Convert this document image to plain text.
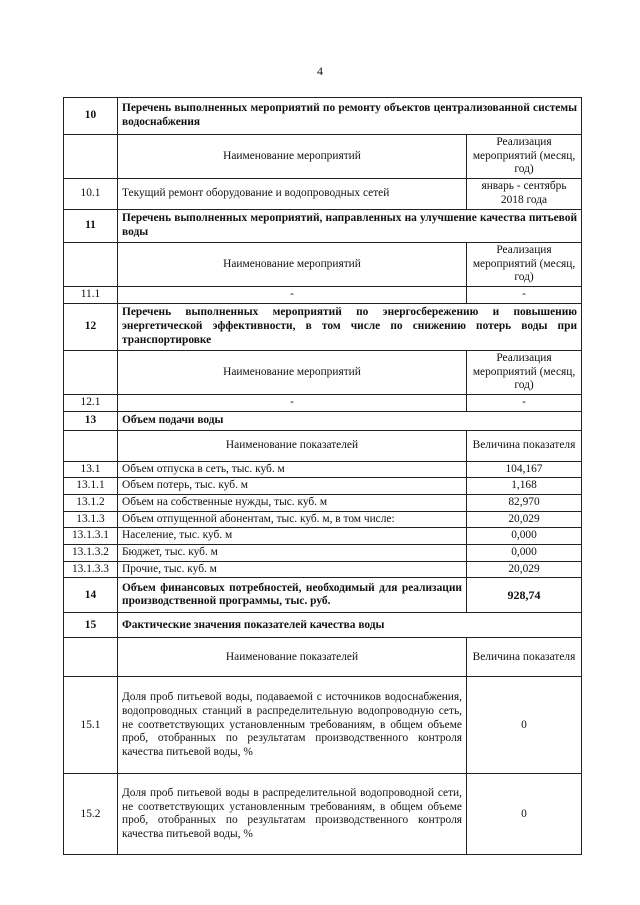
4
10	Перечень выполненных мероприятий по ремонту объектов централизованной системы водоснабжения	
	Наименование мероприятий	Реализация мероприятий (месяц, год)
10.1	Текущий ремонт оборудование и водопроводных сетей	январь - сентябрь 2018 года
11	Перечень выполненных мероприятий, направленных на улучшение качества питьевой воды	
	Наименование мероприятий	Реализация мероприятий (месяц, год)
11.1	-	-
12	Перечень выполненных мероприятий по энергосбережению и повышению энергетической эффективности, в том числе по снижению потерь воды при транспортировке	
	Наименование мероприятий	Реализация мероприятий (месяц, год)
12.1	-	-
13	Объем подачи воды	
	Наименование показателей	Величина показателя
13.1	Объем отпуска в сеть, тыс. куб. м	104,167
13.1.1	Объем потерь, тыс. куб. м	1,168
13.1.2	Объем на собственные нужды, тыс. куб. м	82,970
13.1.3	Объем отпущенной абонентам, тыс. куб. м, в том числе:	20,029
13.1.3.1	Население, тыс. куб. м	0,000
13.1.3.2	Бюджет, тыс. куб. м	0,000
13.1.3.3	Прочие, тыс. куб. м	20,029
14	Объем финансовых потребностей, необходимый для реализации производственной программы, тыс. руб.	928,74
15	Фактические значения показателей качества воды	
	Наименование показателей	Величина показателя
15.1	Доля проб питьевой воды, подаваемой с источников водоснабжения, водопроводных станций в распределительную водопроводную сеть, не соответствующих установленным требованиям, в общем объеме проб, отобранных по результатам производственного контроля качества питьевой воды, %	0
15.2	Доля проб питьевой воды в распределительной водопроводной сети, не соответствующих установленным требованиям, в общем объеме проб, отобранных по результатам производственного контроля качества питьевой воды, %	0
